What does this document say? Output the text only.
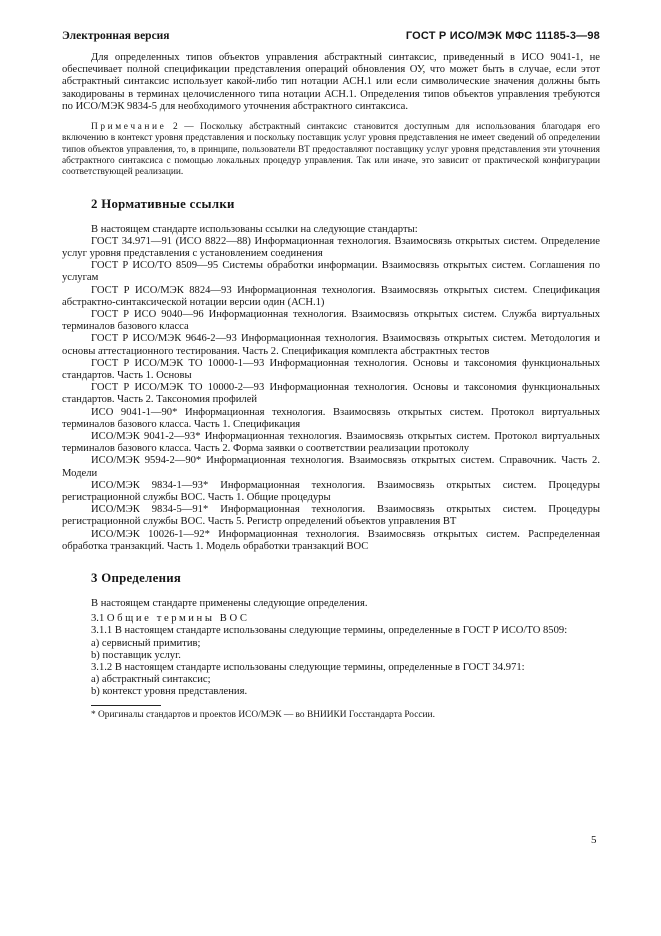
Электронная версия	ГОСТ Р ИСО/МЭК МФС 11185-3—98

Для определенных типов объектов управления абстрактный синтаксис, приведенный в ИСО 9041-1, не обеспечивает полной спецификации представления операций обновления ОУ, что может быть в случае, если этот абстрактный синтаксис использует какой-либо тип нотации АСН.1 или если символические значения должны быть закодированы в терминах целочисленного типа нотации АСН.1. Определения типов объектов управления требуются по ИСО/МЭК 9834-5 для необходимого уточнения абстрактного синтаксиса.

Примечание 2 — Поскольку абстрактный синтаксис становится доступным для использования благодаря его включению в контекст уровня представления и поскольку поставщик услуг уровня представления не имеет сведений об определении типов объектов управления, то, в принципе, пользователи ВТ предоставляют поставщику услуг уровня представления эти уточнения абстрактного синтаксиса с помощью локальных процедур управления. Так или иначе, это зависит от практической конфигурации соответствующей реализации.

2 Нормативные ссылки

В настоящем стандарте использованы ссылки на следующие стандарты:

ГОСТ 34.971—91 (ИСО 8822—88) Информационная технология. Взаимосвязь открытых систем. Определение услуг уровня представления с установлением соединения

ГОСТ Р ИСО/ТО 8509—95 Системы обработки информации. Взаимосвязь открытых систем. Соглашения по услугам

ГОСТ Р ИСО/МЭК 8824—93 Информационная технология. Взаимосвязь открытых систем. Спецификация абстрактно-синтаксической нотации версии один (АСН.1)

ГОСТ Р ИСО 9040—96 Информационная технология. Взаимосвязь открытых систем. Служба виртуальных терминалов базового класса

ГОСТ Р ИСО/МЭК 9646-2—93 Информационная технология. Взаимосвязь открытых систем. Методология и основы аттестационного тестирования. Часть 2. Спецификация комплекта абстрактных тестов

ГОСТ Р ИСО/МЭК ТО 10000-1—93 Информационная технология. Основы и таксономия функциональных стандартов. Часть 1. Основы

ГОСТ Р ИСО/МЭК ТО 10000-2—93 Информационная технология. Основы и таксономия функциональных стандартов. Часть 2. Таксономия профилей

ИСО 9041-1—90* Информационная технология. Взаимосвязь открытых систем. Протокол виртуальных терминалов базового класса. Часть 1. Спецификация

ИСО/МЭК 9041-2—93* Информационная технология. Взаимосвязь открытых систем. Протокол виртуальных терминалов базового класса. Часть 2. Форма заявки о соответствии реализации протоколу

ИСО/МЭК 9594-2—90* Информационная технология. Взаимосвязь открытых систем. Справочник. Часть 2. Модели

ИСО/МЭК 9834-1—93* Информационная технология. Взаимосвязь открытых систем. Процедуры регистрационной службы ВОС. Часть 1. Общие процедуры

ИСО/МЭК 9834-5—91* Информационная технология. Взаимосвязь открытых систем. Процедуры регистрационной службы ВОС. Часть 5. Регистр определений объектов управления ВТ

ИСО/МЭК 10026-1—92* Информационная технология. Взаимосвязь открытых систем. Распределенная обработка транзакций. Часть 1. Модель обработки транзакций ВОС

3 Определения

В настоящем стандарте применены следующие определения.

3.1 Общие термины ВОС

3.1.1 В настоящем стандарте использованы следующие термины, определенные в ГОСТ Р ИСО/ТО 8509:

a) сервисный примитив;

b) поставщик услуг.

3.1.2 В настоящем стандарте использованы следующие термины, определенные в ГОСТ 34.971:

a) абстрактный синтаксис;

b) контекст уровня представления.

* Оригиналы стандартов и проектов ИСО/МЭК — во ВНИИКИ Госстандарта России.

5
